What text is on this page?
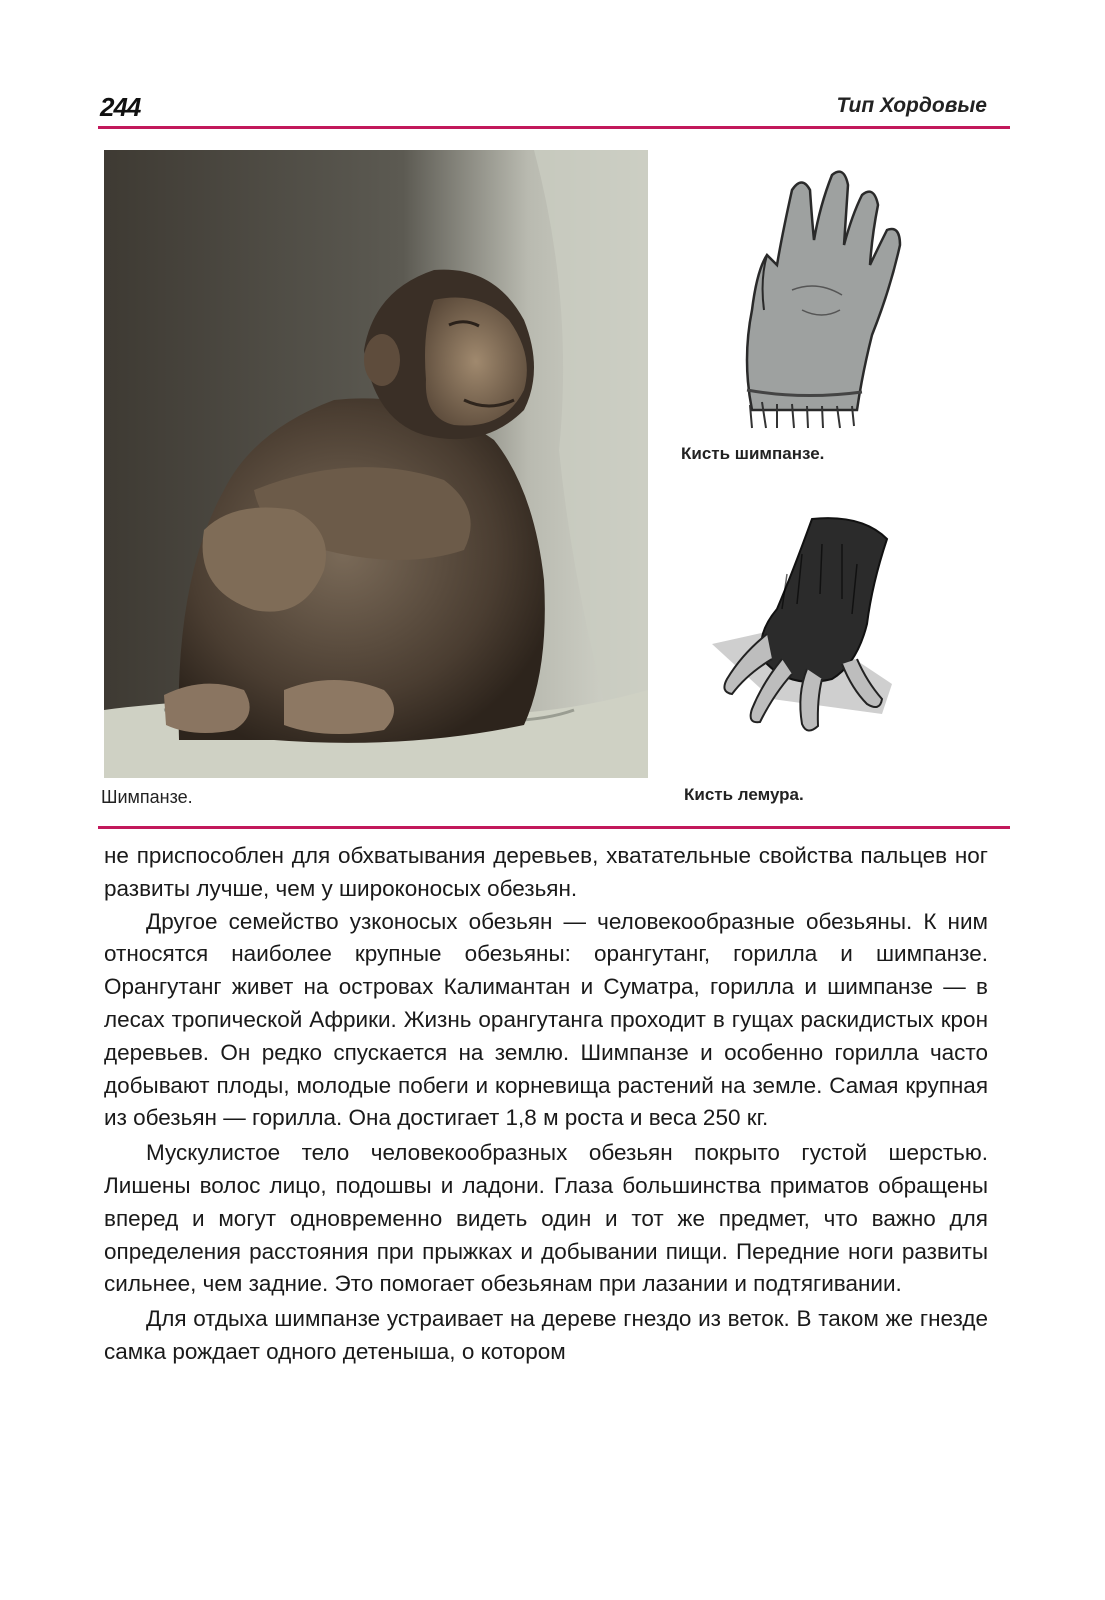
244	Тип Хордовые
Кисть шимпанзе.
Кисть лемура.
Шимпанзе.

не приспособлен для обхватывания деревьев, хватательные свойства пальцев ног развиты лучше, чем у широконосых обезьян.

Другое семейство узконосых обезьян — человекообразные обезьяны. К ним относятся наиболее крупные обезьяны: орангутанг, горилла и шимпанзе. Орангутанг живет на островах Калимантан и Суматра, горилла и шимпанзе — в лесах тропической Африки. Жизнь орангутанга проходит в гущах раскидистых крон деревьев. Он редко спускается на землю. Шимпанзе и особенно горилла часто добывают плоды, молодые побеги и корневища растений на земле. Самая крупная из обезьян — горилла. Она достигает 1,8 м роста и веса 250 кг.

Мускулистое тело человекообразных обезьян покрыто густой шерстью. Лишены волос лицо, подошвы и ладони. Глаза большинства приматов обращены вперед и могут одновременно видеть один и тот же предмет, что важно для определения расстояния при прыжках и добывании пищи. Передние ноги развиты сильнее, чем задние. Это помогает обезьянам при лазании и подтягивании.

Для отдыха шимпанзе устраивает на дереве гнездо из веток. В таком же гнезде самка рождает одного детеныша, о котором
